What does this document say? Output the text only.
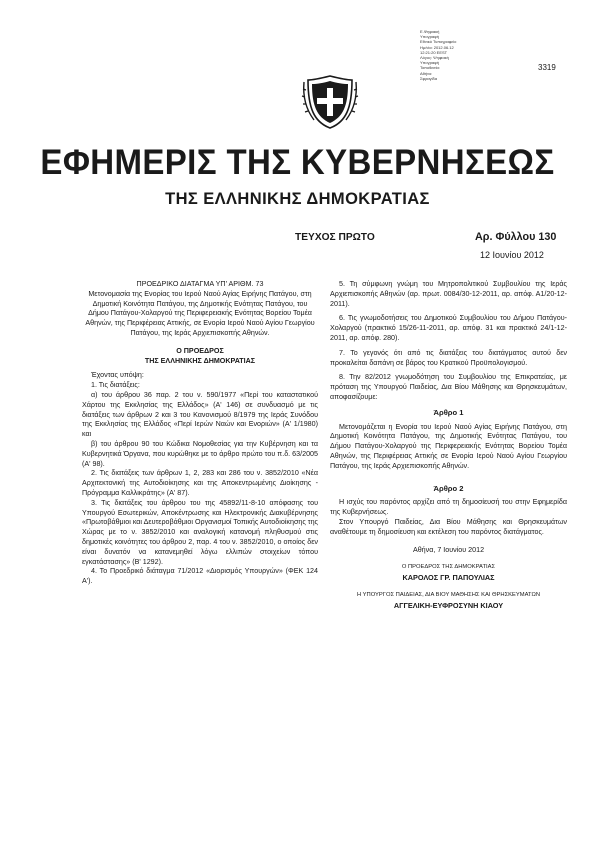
Ε.Ψηφιακή
Υπογραφή
Εθνικό Τυπογραφείο
Ημ/νία: 2012.06.12
12:21:20 EEST
Λόγος: Ψηφιακή
Υπογραφή
Τοποθεσία:
Αθήνα
Σφραγίδα
3319
ΕΦΗΜΕΡΙΣ ΤΗΣ ΚΥΒΕΡΝΗΣΕΩΣ
ΤΗΣ ΕΛΛΗΝΙΚΗΣ ΔΗΜΟΚΡΑΤΙΑΣ
ΤΕΥΧΟΣ ΠΡΩΤΟ	Αρ. Φύλλου 130
12 Ιουνίου 2012

ΠΡΟΕΔΡΙΚΟ ΔΙΑΤΑΓΜΑ ΥΠ' ΑΡΙΘΜ. 73

Μετονομασία της Ενορίας του Ιερού Ναού Αγίας Ειρήνης Πατάγου, στη Δημοτική Κοινότητα Πατάγου, της Δημοτικής Ενότητας Πατάγου, του Δήμου Πατάγου-Χολαργού της Περιφερειακής Ενότητας Βορείου Τομέα Αθηνών, της Περιφέρειας Αττικής, σε Ενορία Ιερού Ναού Αγίου Γεωργίου Πατάγου, της Ιεράς Αρχιεπισκοπής Αθηνών.

Ο ΠΡΟΕΔΡΟΣ

ΤΗΣ ΕΛΛΗΝΙΚΗΣ ΔΗΜΟΚΡΑΤΙΑΣ

Έχοντας υπόψη:

1. Τις διατάξεις:

α) του άρθρου 36 παρ. 2 του ν. 590/1977 «Περί του καταστατικού Χάρτου της Εκκλησίας της Ελλάδος» (Α' 146) σε συνδυασμό με τις διατάξεις των άρθρων 2 και 3 του Κανονισμού 8/1979 της Ιεράς Συνόδου της Εκκλησίας της Ελλάδος «Περί Ιερών Ναών και Ενοριών» (Α' 1/1980) και

β) του άρθρου 90 του Κώδικα Νομοθεσίας για την Κυβέρνηση και τα Κυβερνητικά Όργανα, που κυρώθηκε με το άρθρο πρώτο του π.δ. 63/2005 (Α' 98).

2. Τις διατάξεις των άρθρων 1, 2, 283 και 286 του ν. 3852/2010 «Νέα Αρχιτεκτονική της Αυτοδιοίκησης και της Αποκεντρωμένης Διοίκησης - Πρόγραμμα Καλλικράτης» (Α' 87).

3. Τις διατάξεις του άρθρου του της 45892/11-8-10 απόφασης του Υπουργού Εσωτερικών, Αποκέντρωσης και Ηλεκτρονικής Διακυβέρνησης «Πρωτοβάθμιοι και Δευτεροβάθμιοι Οργανισμοί Τοπικής Αυτοδιοίκησης της Χώρας με το ν. 3852/2010 και αναλογική κατανομή πληθυσμού στις δημοτικές κοινότητες του άρθρου 2, παρ. 4 του ν. 3852/2010, ο οποίος δεν είναι δυνατόν να κατανεμηθεί λόγω ελλιπών στοιχείων τόπου εγκατάστασης» (Β' 1292).

4. Το Προεδρικό διάταγμα 71/2012 «Διορισμός Υπουργών» (ΦΕΚ 124 Α').

5. Τη σύμφωνη γνώμη του Μητροπολιτικού Συμβουλίου της Ιεράς Αρχιεπισκοπής Αθηνών (αρ. πρωτ. 0084/30-12-2011, αρ. απόφ. Α1/20-12-2011).

6. Τις γνωμοδοτήσεις του Δημοτικού Συμβουλίου του Δήμου Πατάγου-Χολαργού (πρακτικό 15/26-11-2011, αρ. απόφ. 31 και πρακτικό 24/1-12-2011, αρ. απόφ. 280).

7. Το γεγονός ότι από τις διατάξεις του διατάγματος αυτού δεν προκαλείται δαπάνη σε βάρος του Κρατικού Προϋπολογισμού.

8. Την 82/2012 γνωμοδότηση του Συμβουλίου της Επικρατείας, με πρόταση της Υπουργού Παιδείας, Δια Βίου Μάθησης και Θρησκευμάτων, αποφασίζουμε:

Άρθρο 1

Μετονομάζεται η Ενορία του Ιερού Ναού Αγίας Ειρήνης Πατάγου, στη Δημοτική Κοινότητα Πατάγου, της Δημοτικής Ενότητας Πατάγου, του Δήμου Πατάγου-Χολαργού της Περιφερειακής Ενότητας Βορείου Τομέα Αθηνών, της Περιφέρειας Αττικής σε Ενορία Ιερού Ναού Αγίου Γεωργίου Πατάγου, της Ιεράς Αρχιεπισκοπής Αθηνών.

Άρθρο 2

Η ισχύς του παρόντος αρχίζει από τη δημοσίευσή του στην Εφημερίδα της Κυβερνήσεως.

Στον Υπουργό Παιδείας, Δια Βίου Μάθησης και Θρησκευμάτων αναθέτουμε τη δημοσίευση και εκτέλεση του παρόντος διατάγματος.

Αθήνα, 7 Ιουνίου 2012

Ο ΠΡΟΕΔΡΟΣ ΤΗΣ ΔΗΜΟΚΡΑΤΙΑΣ

ΚΑΡΟΛΟΣ ΓΡ. ΠΑΠΟΥΛΙΑΣ

Η ΥΠΟΥΡΓΟΣ ΠΑΙΔΕΙΑΣ, ΔΙΑ ΒΙΟΥ ΜΑΘΗΣΗΣ ΚΑΙ ΘΡΗΣΚΕΥΜΑΤΩΝ

ΑΓΓΕΛΙΚΗ-ΕΥΦΡΟΣΥΝΗ ΚΙΑΟΥ
